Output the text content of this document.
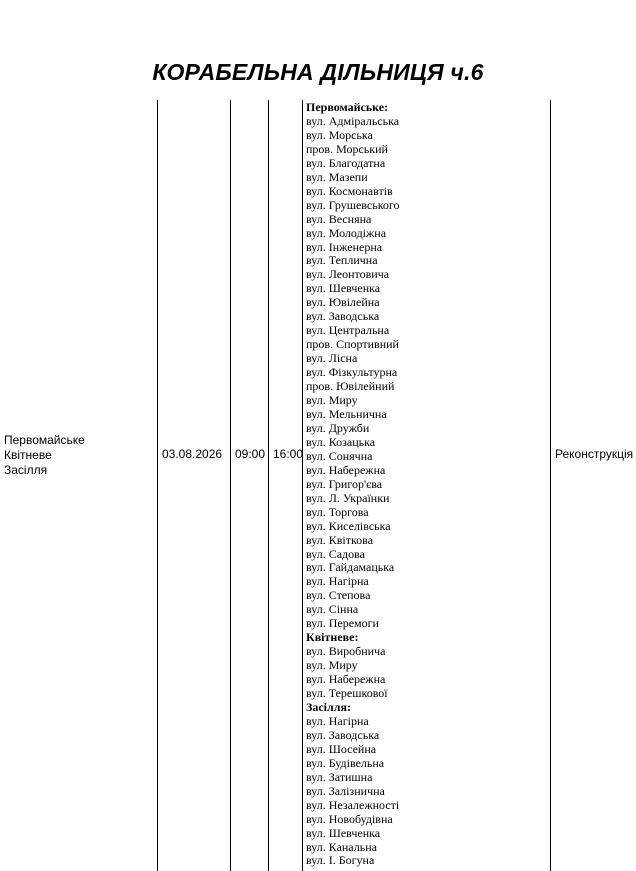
КОРАБЕЛЬНА ДІЛЬНИЦЯ ч.6
Первомайське
Квітневе
Засілля
03.08.2026 09:00 16:00	Реконструкція
Первомайське:
вул. Адміральська
вул. Морська
пров. Морський
вул. Благодатна
вул. Мазепи
вул. Космонавтів
вул. Грушевського
вул. Весняна
вул. Молодіжна
вул. Інженерна
вул. Теплична
вул. Леонтовича
вул. Шевченка
вул. Ювілейна
вул. Заводська
вул. Центральна
пров. Спортивний
вул. Лісна
вул. Фізкультурна
пров. Ювілейний
вул. Миру
вул. Мельнична
вул. Дружби
вул. Козацька
вул. Сонячна
вул. Набережна
вул. Григор'єва
вул. Л. Українки
вул. Торгова
вул. Киселівська
вул. Квіткова
вул. Садова
вул. Гайдамацька
вул. Нагірна
вул. Степова
вул. Сінна
вул. Перемоги
Квітневе:
вул. Виробнича
вул. Миру
вул. Набережна
вул. Терешкової
Засілля:
вул. Нагірна
вул. Заводська
вул. Шосейна
вул. Будівельна
вул. Затишна
вул. Залізнична
вул. Незалежності
вул. Новобудівна
вул. Шевченка
вул. Канальна
вул. І. Богуна
